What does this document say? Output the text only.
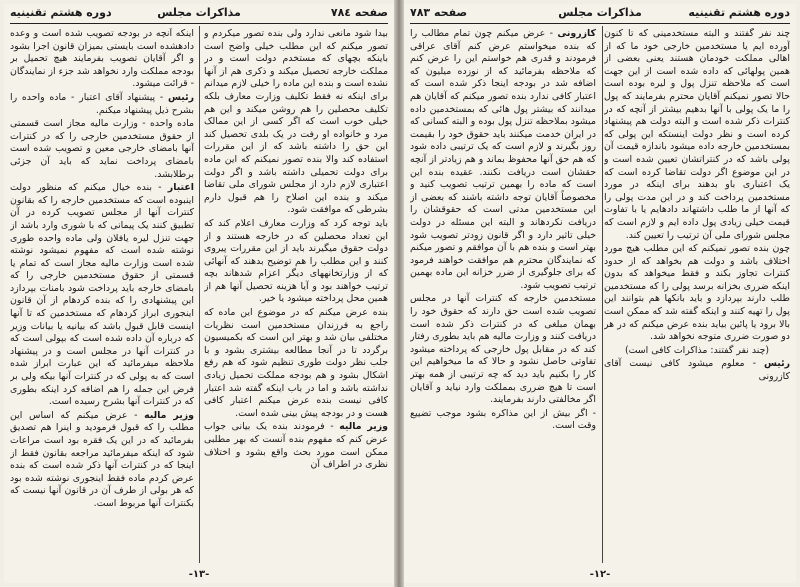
صفحه ۷۸٤
مذاکرات مجلس
دوره هشتم تقنينيه

بیدا شود مانعی ندارد ولی بنده تصور میکردم و تصور میکنم که این مطلب خیلی واضح است باینکه بچهای که مستخدم دولت است و در مملکت خارجه تحصیل میکند و ذکری هم از آنها نشده است و بنده این ماده را خیلی لازم میدانم برای اینکه نه فقط تکلیف وزارت معارف بلکه تکلیف محصلین را هم روشن میکند و این هم خیلی خوب است که اگر کسی از این ممالک مرد و خانواده او رفت در یک بلدی تحصیل کند این حق را داشته باشد که از این مقررات استفاده کند والا بنده تصور نمیکنم که این ماده برای دولت تحمیلی داشته باشد و اگر دولت اعتباری لازم دارد از مجلس شورای ملی تقاضا میکند و بنده این اصلاح را هم قبول دارم بشرطی که موافقت شود.

باید توجه کرد که وزارت معارف اعلام کند که این تعداد محصلین که در خارجه هستند و از دولت حقوق میگیرند باید از این مقررات پیروی کنند و این مطلب را هم توضیح بدهند که آنهائی که از وزارتخانههای دیگر اعزام شدهاند بچه ترتیب خواهند بود و آیا هزینه تحصیل آنها هم از همین محل پرداخته میشود یا خیر.

بنده عرض میکنم که در موضوع این ماده که راجع به فرزندان مستخدمین است نظریات مختلفی بیان شد و بهتر این است که بکمیسیون برگردد تا در آنجا مطالعه بیشتری بشود و با جلب نظر دولت طوری تنظیم شود که هم رفع اشکال بشود و هم بودجه مملکت تحمیل زیادی نداشته باشد و اما در باب اینکه گفته شد اعتبار کافی نیست بنده عرض میکنم اعتبار کافی هست و در بودجه پیش بینی شده است.

وزیر مالیه - فرمودند بنده یک بیانی جواب عرض کنم که مفهوم بنده آنست که بهر مطلبی ممکن است مورد بحث واقع بشود و اختلاف نظری در اطراف آن

اینکه آنچه در بودجه تصویب شده است و وعده دادهشده است بایستی بمیزان قانون اجرا بشود و اگر آقایان تصویب بفرمایند هیچ تحمیل بر بودجه مملکت وارد نخواهد شد جزء از نمایندگان - قرائت میشود.

رئیس - پیشنهاد آقای اعتبار - ماده واحده را بشرح ذیل پیشنهاد میکنم.

ماده واحده - وزارت مالیه مجاز است قسمتی از حقوق مستخدمین خارجی را که در کنترات آنها بامضای خارجی معین و تصویب شده است بامضای پرداخت نماید که باید آن جزئی برطلابشد.

اعتبار - بنده خیال میکنم که منظور دولت اینبوده است که مستخدمین خارجه را که بقانون کنترات آنها از مجلس تصویب کرده در آن تطبیق کنند یک پیمانی که با شوری وارد باشد از جهت تنزل لیره یافلان ولی ماده واحده طوری نوشته شده است که مفهوم نمیشود نوشته شده است وزارت مالیه مجاز است که تمام یا قسمتی از حقوق مستخدمین خارجی را که بامضای خارجه باید پرداخت شود بامنات بپردازد این پیشنهادی را که بنده کردهام از آن قانون اینجوری ابراز کردهام که مستخدمین که تا آنها اینست قابل قبول باشد که بیانیه یا بیانات وزیر که درباره آن داده شده است که بپولی است که در کنترات آنها در مجلس است و در پیشنهاد ملاحظه میفرمائید که این عبارت ابراز شده است که به پولی که در کنترات آنها بیکه ولی بر فرض این جمله را هم اضافه کرد اینکه بطوری که در کنترات آنها بشرح رسیده است.

وزیر مالیه - عرض میکنم که اساس این مطلب را که قبول فرمودید و اینرا هم تصدیق بفرمائید که در این یک فقره بود است مراعات شود که اینکه میفرمائید مراجعه بقانون فقط از اینجا که در کنترات آنها ذکر شده است که بنده عرض کردم ماده فقط اینجوری نوشته شده بود که هر بولی از طرف آن در قانون آنها نیست که بکنترات آنها مربوط است.

-۱۳-
دوره هشتم تقنينيه
مذاکرات مجلس
صفحه ۷۸۳

چند نفر گفتند و البته مستخدمینی که تا کنون آورده ایم یا مستخدمین خارجی خود ما که از اهالی مملکت خودمان هستند یعنی بعضی از همین پولهائی که داده شده است از این جهت است که ملاحظه تنزل پول و لیره بوده است حالا تصور نمیکنم آقایان محترم بفرمایند که پول را ما یک پولی با آنها بدهیم بیشتر از آنچه که در کنترات ذکر شده است و البته دولت هم پیشنهاد کرده است و نظر دولت اینستکه این پولی که بمستخدمین خارجه داده میشود باندازه قیمت آن پولی باشد که در کنتراتشان تعیین شده است و در این موضوع اگر دولت تقاضا کرده است که یک اعتباری باو بدهند برای اینکه در مورد مستخدمین پرداخت کند و در این مدت پولی را که آنها از ما طلب داشتهاند دادهایم یا با تفاوت قیمت خیلی زیادی پول داده ایم و لازم است که مجلس شورای ملی آن ترتیب را تعیین کند.

چون بنده تصور نمیکنم که این مطلب هیچ مورد اختلاف باشد و دولت هم بخواهد که از حدود کنترات تجاوز بکند و فقط میخواهد که بدون اینکه ضرری بخزانه برسد پولی را که مستخدمین طلب دارند بپردازد و باید بانکها هم بتوانند این پول را تهیه کنند و اینکه گفته شد که ممکن است بالا برود یا پائین بیاید بنده عرض میکنم که در هر دو صورت ضرری متوجه نخواهد شد.

(چند نفر گفتند: مذاکرات کافی است)

رئیس - معلوم میشود کافی نیست آقای کازرونی

کازرونی - عرض میکنم چون تمام مطالب را که بنده میخواستم عرض کنم آقای عراقی فرمودند و قدری هم خواستم این را عرض کنم که ملاحظه بفرمائید که از نوزده میلیون که اضافه شد در بودجه اینجا ذکر شده است که اعتبار کافی ندارد بنده تصور میکنم که آقایان هم میدانند که بیشتر پول هائی که بمستخدمین داده میشود بملاحظه تنزل پول بوده و البته کسانی که در ایران خدمت میکنند باید حقوق خود را بقیمت روز بگیرند و لازم است که یک ترتیبی داده شود که هم حق آنها محفوظ بماند و هم زیادتر از آنچه حقشان است دریافت نکنند. عقیده بنده این است که ماده را بهمین ترتیب تصویب کنید و مخصوصاً آقایان توجه داشته باشند که بعضی از این مستخدمین مدتی است که حقوقشان را دریافت نکردهاند و البته این مسئله در دولت خیلی تاثیر دارد و اگر قانون زودتر تصویب شود بهتر است و بنده هم با آن موافقم و تصور میکنم که نمایندگان محترم هم موافقت خواهند فرمود که برای جلوگیری از ضرر خزانه این ماده بهمین ترتیب تصویب شود.

مستخدمین خارجه که کنترات آنها در مجلس تصویب شده است حق دارند که حقوق خود را بهمان مبلغی که در کنترات ذکر شده است دریافت کنند و وزارت مالیه هم باید بطوری رفتار کند که در مقابل پول خارجی که پرداخته میشود تفاوتی حاصل نشود و حالا که ما میخواهیم این کار را بکنیم باید دید که چه ترتیبی از همه بهتر است تا هیچ ضرری بمملکت وارد نیاید و آقایان اگر مخالفتی دارند بفرمایند.

- اگر بیش از این مذاکره بشود موجب تضییع وقت است.

-۱۲-
